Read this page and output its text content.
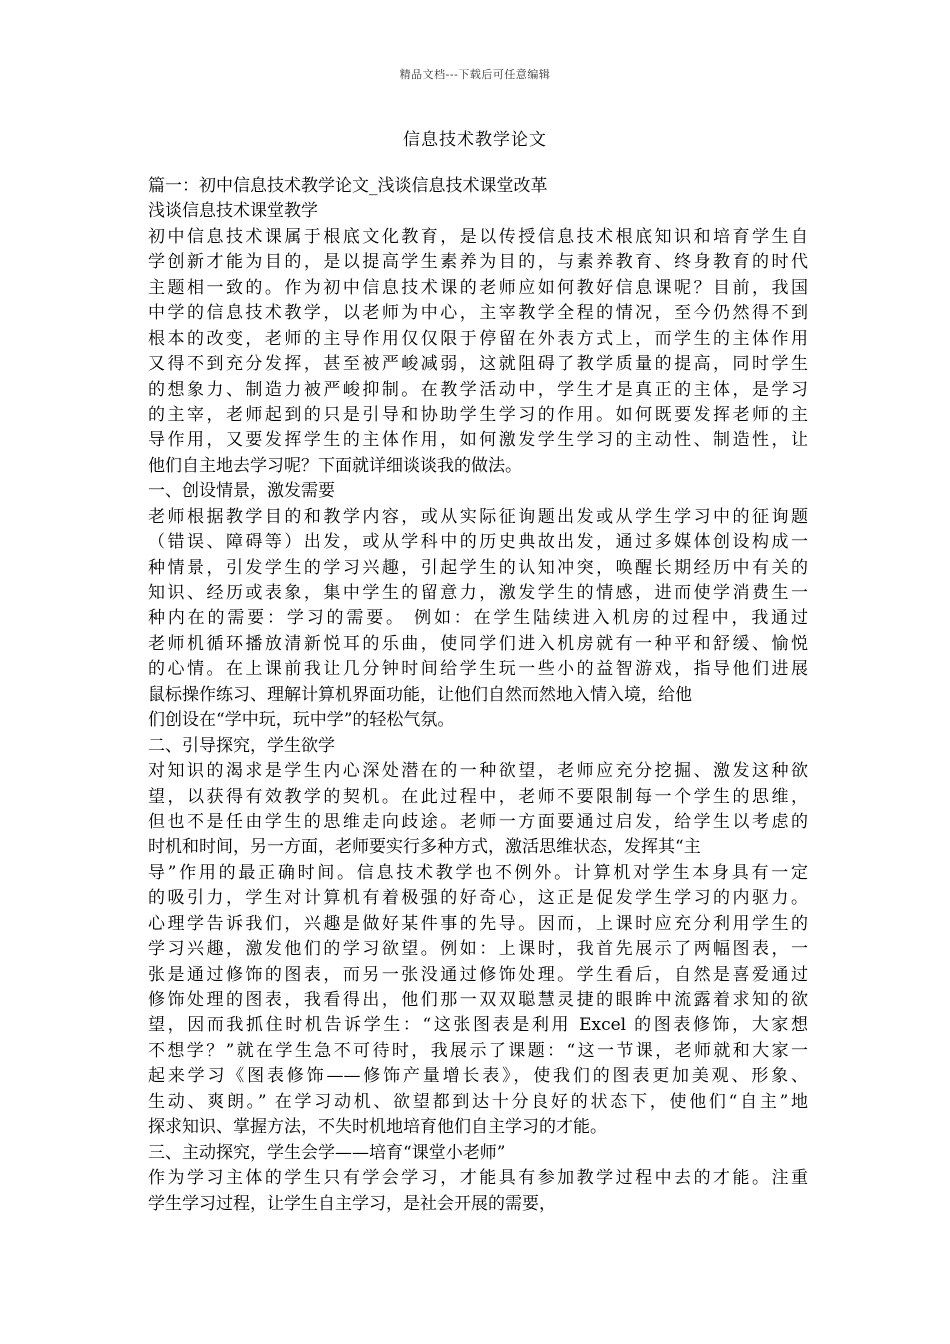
精品文档---下载后可任意编辑
信息技术教学论文
篇一：初中信息技术教学论文_浅谈信息技术课堂改革
浅谈信息技术课堂教学
初中信息技术课属于根底文化教育，是以传授信息技术根底知识和培育学生自
学创新才能为目的，是以提高学生素养为目的，与素养教育、终身教育的时代
主题相一致的。作为初中信息技术课的老师应如何教好信息课呢？目前，我国
中学的信息技术教学，以老师为中心，主宰教学全程的情况，至今仍然得不到
根本的改变，老师的主导作用仅仅限于停留在外表方式上，而学生的主体作用
又得不到充分发挥，甚至被严峻减弱，这就阻碍了教学质量的提高，同时学生
的想象力、制造力被严峻抑制。在教学活动中，学生才是真正的主体，是学习
的主宰，老师起到的只是引导和协助学生学习的作用。如何既要发挥老师的主
导作用，又要发挥学生的主体作用，如何激发学生学习的主动性、制造性，让
他们自主地去学习呢？下面就详细谈谈我的做法。
一、创设情景，激发需要
老师根据教学目的和教学内容，或从实际征询题出发或从学生学习中的征询题
（错误、障碍等）出发，或从学科中的历史典故出发，通过多媒体创设构成一
种情景，引发学生的学习兴趣，引起学生的认知冲突，唤醒长期经历中有关的
知识、经历或表象，集中学生的留意力，激发学生的情感，进而使学消费生一
种内在的需要：学习的需要。 例如：在学生陆续进入机房的过程中，我通过
老师机循环播放清新悦耳的乐曲，使同学们进入机房就有一种平和舒缓、愉悦
的心情。在上课前我让几分钟时间给学生玩一些小的益智游戏，指导他们进展
鼠标操作练习、理解计算机界面功能，让他们自然而然地入情入境，给他
们创设在“学中玩，玩中学”的轻松气氛。
二、引导探究，学生欲学
对知识的渴求是学生内心深处潜在的一种欲望，老师应充分挖掘、激发这种欲
望，以获得有效教学的契机。在此过程中，老师不要限制每一个学生的思维，
但也不是任由学生的思维走向歧途。老师一方面要通过启发，给学生以考虑的
时机和时间，另一方面，老师要实行多种方式，激活思维状态，发挥其“主
导”作用的最正确时间。信息技术教学也不例外。计算机对学生本身具有一定
的吸引力，学生对计算机有着极强的好奇心，这正是促发学生学习的内驱力。
心理学告诉我们，兴趣是做好某件事的先导。因而，上课时应充分利用学生的
学习兴趣，激发他们的学习欲望。例如：上课时，我首先展示了两幅图表，一
张是通过修饰的图表，而另一张没通过修饰处理。学生看后，自然是喜爱通过
修饰处理的图表，我看得出，他们那一双双聪慧灵捷的眼眸中流露着求知的欲
望，因而我抓住时机告诉学生：“这张图表是利用 Excel 的图表修饰，大家想
不想学？”就在学生急不可待时，我展示了课题：“这一节课，老师就和大家一
起来学习《图表修饰——修饰产量增长表》，使我们的图表更加美观、形象、
生动、爽朗。” 在学习动机、欲望都到达十分良好的状态下，使他们“自主”地
探求知识、掌握方法，不失时机地培育他们自主学习的才能。
三、主动探究，学生会学——培育“课堂小老师”
作为学习主体的学生只有学会学习，才能具有参加教学过程中去的才能。注重
学生学习过程，让学生自主学习，是社会开展的需要，
